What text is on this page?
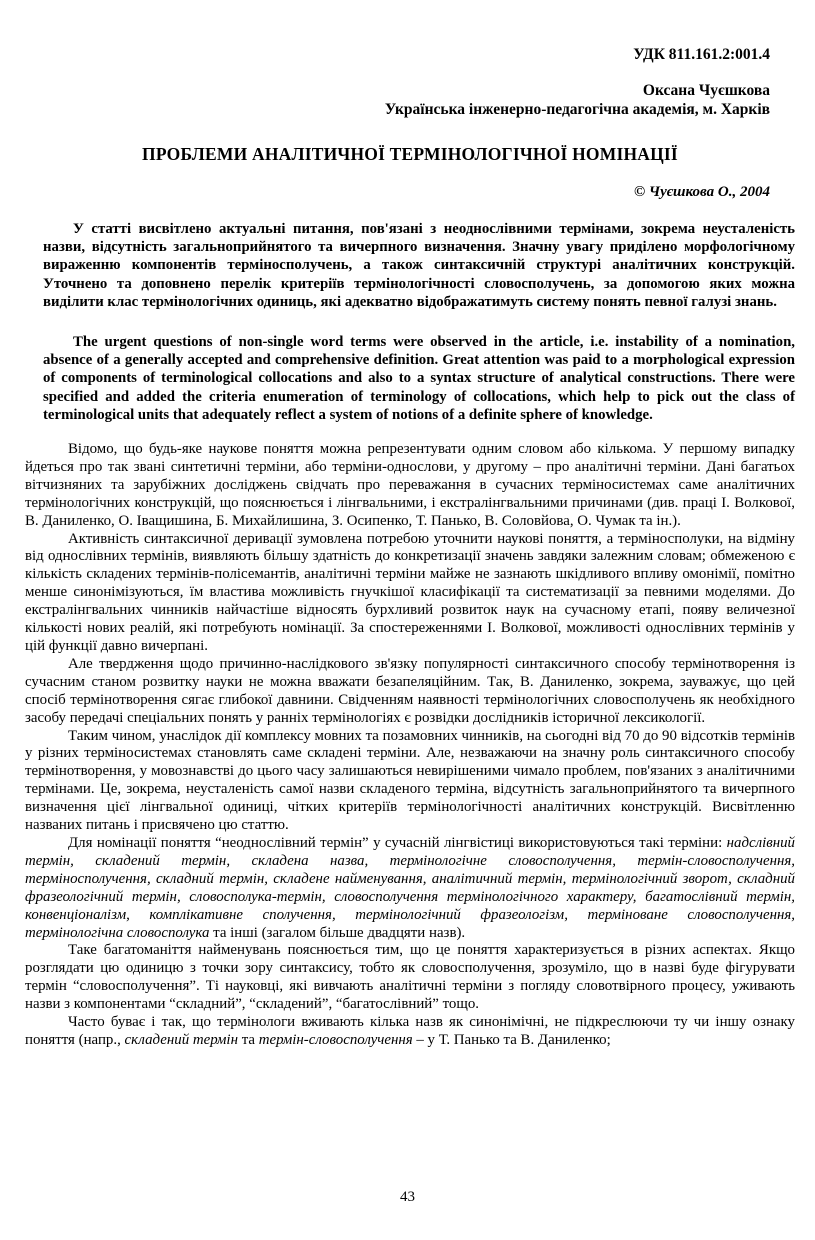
УДК 811.161.2:001.4
Оксана Чуєшкова
Українська інженерно-педагогічна академія, м. Харків
ПРОБЛЕМИ АНАЛІТИЧНОЇ ТЕРМІНОЛОГІЧНОЇ НОМІНАЦІЇ
© Чуєшкова О., 2004

У статті висвітлено актуальні питання, пов'язані з неоднослівними термінами, зокрема неусталеність назви, відсутність загальноприйнятого та вичерпного визначення. Значну увагу приділено морфологічному вираженню компонентів терміносполучень, а також синтаксичній структурі аналітичних конструкцій. Уточнено та доповнено перелік критеріїв термінологічності словосполучень, за допомогою яких можна виділити клас термінологічних одиниць, які адекватно відображатимуть систему понять певної галузі знань.

The urgent questions of non-single word terms were observed in the article, i.e. instability of a nomination, absence of a generally accepted and comprehensive definition. Great attention was paid to a morphological expression of components of terminological collocations and also to a syntax structure of analytical constructions. There were specified and added the criteria enumeration of terminology of collocations, which help to pick out the class of terminological units that adequately reflect a system of notions of a definite sphere of knowledge.

Відомо, що будь-яке наукове поняття можна репрезентувати одним словом або кількома. У першому випадку йдеться про так звані синтетичні терміни, або терміни-однослови, у другому – про аналітичні терміни. Дані багатьох вітчизняних та зарубіжних досліджень свідчать про переважання в сучасних терміносистемах саме аналітичних термінологічних конструкцій, що пояснюється і лінгвальними, і екстралінгвальними причинами (див. праці І. Волкової, В. Даниленко, О. Іващишина, Б. Михайлишина, З. Осипенко, Т. Панько, В. Соловйова, О. Чумак та ін.).

Активність синтаксичної деривації зумовлена потребою уточнити наукові поняття, а терміносполуки, на відміну від однослівних термінів, виявляють більшу здатність до конкретизації значень завдяки залежним словам; обмеженою є кількість складених термінів-полісемантів, аналітичні терміни майже не зазнають шкідливого впливу омонімії, помітно менше синонімізуються, їм властива можливість гнучкішої класифікації та систематизації за певними моделями. До екстралінгвальних чинників найчастіше відносять бурхливий розвиток наук на сучасному етапі, появу величезної кількості нових реалій, які потребують номінації. За спостереженнями І. Волкової, можливості однослівних термінів у цій функції давно вичерпані.

Але твердження щодо причинно-наслідкового зв'язку популярності синтаксичного способу термінотворення із сучасним станом розвитку науки не можна вважати безапеляційним. Так, В. Даниленко, зокрема, зауважує, що цей спосіб термінотворення сягає глибокої давнини. Свідченням наявності термінологічних словосполучень як необхідного засобу передачі спеціальних понять у ранніх термінологіях є розвідки дослідників історичної лексикології.

Таким чином, унаслідок дії комплексу мовних та позамовних чинників, на сьогодні від 70 до 90 відсотків термінів у різних терміносистемах становлять саме складені терміни. Але, незважаючи на значну роль синтаксичного способу термінотворення, у мовознавстві до цього часу залишаються невирішеними чимало проблем, пов'язаних з аналітичними термінами. Це, зокрема, неусталеність самої назви складеного терміна, відсутність загальноприйнятого та вичерпного визначення цієї лінгвальної одиниці, чітких критеріїв термінологічності аналітичних конструкцій. Висвітленню названих питань і присвячено цю статтю.

Для номінації поняття “неоднослівний термін” у сучасній лінгвістиці використовуються такі терміни: надслівний термін, складений термін, складена назва, термінологічне словосполучення, термін-словосполучення, терміносполучення, складний термін, складене найменування, аналітичний термін, термінологічний зворот, складний фразеологічний термін, словосполука-термін, словосполучення термінологічного характеру, багатослівний термін, конвенціоналізм, комплікативне сполучення, термінологічний фразеологізм, терміноване словосполучення, термінологічна словосполука та інші (загалом більше двадцяти назв).

Таке багатоманіття найменувань пояснюється тим, що це поняття характеризується в різних аспектах. Якщо розглядати цю одиницю з точки зору синтаксису, тобто як словосполучення, зрозуміло, що в назві буде фігурувати термін “словосполучення”. Ті науковці, які вивчають аналітичні терміни з погляду словотвірного процесу, уживають назви з компонентами “складний”, “складений”, “багатослівний” тощо.

Часто буває і так, що термінологи вживають кілька назв як синонімічні, не підкреслюючи ту чи іншу ознаку поняття (напр., складений термін та термін-словосполучення – у Т. Панько та В. Даниленко;

43
